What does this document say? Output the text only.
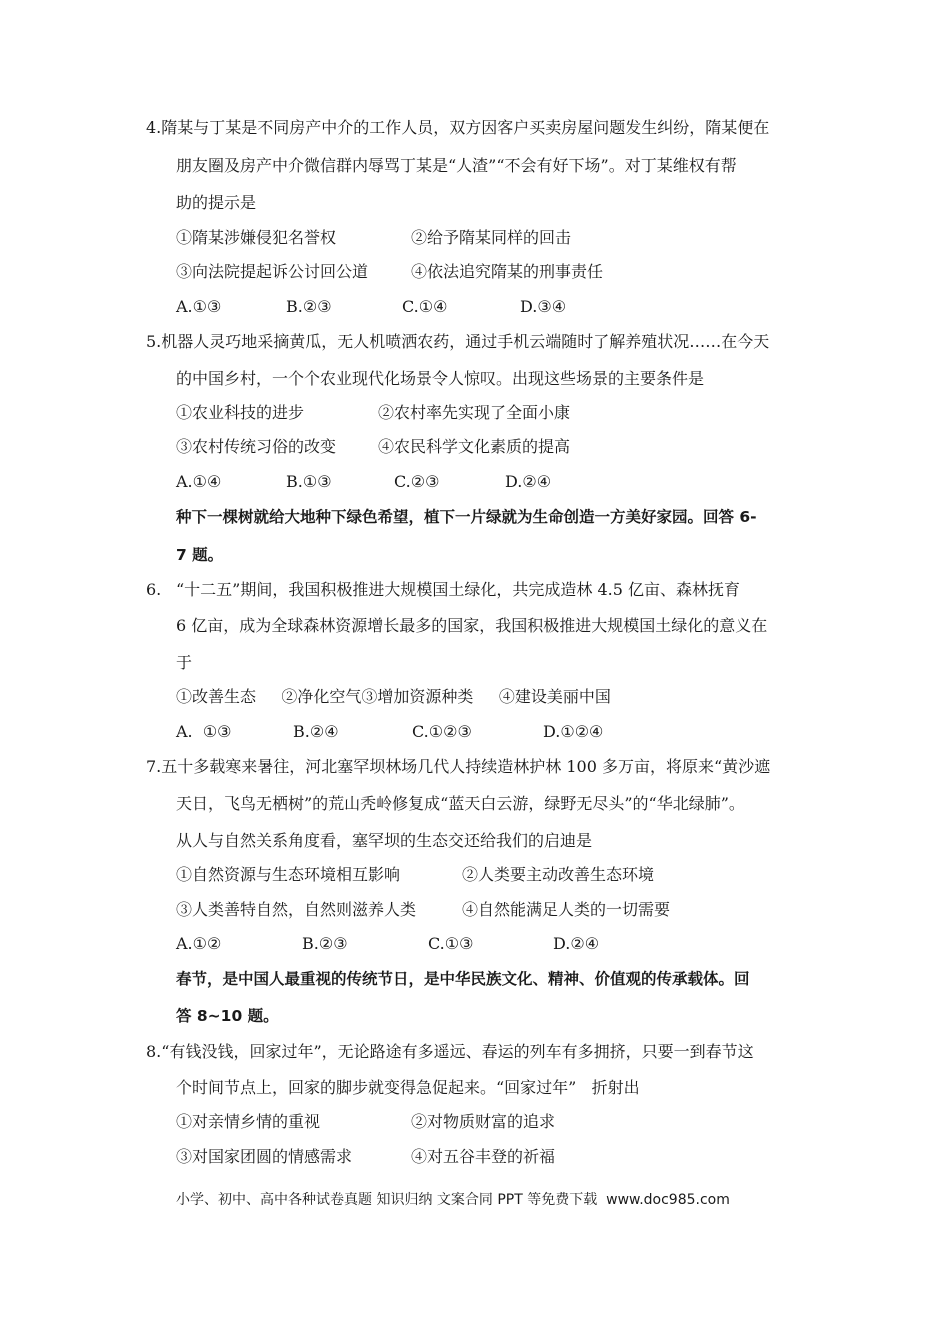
4.隋某与丁某是不同房产中介的工作人员，双方因客户买卖房屋问题发生纠纷，隋某便在
朋友圈及房产中介微信群内辱骂丁某是“人渣”“不会有好下场”。对丁某维权有帮
助的提示是
①隋某涉嫌侵犯名誉权	②给予隋某同样的回击
③向法院提起诉公讨回公道	④依法追究隋某的刑事责任
A.①③	B.②③	C.①④	D.③④
5.机器人灵巧地采摘黄瓜，无人机喷洒农药，通过手机云端随时了解养殖状况……在今天
的中国乡村，一个个农业现代化场景令人惊叹。出现这些场景的主要条件是
①农业科技的进步	②农村率先实现了全面小康
③农村传统习俗的改变	④农民科学文化素质的提高
A.①④	B.①③	C.②③	D.②④
种下一棵树就给大地种下绿色希望，植下一片绿就为生命创造一方美好家园。回答 6-
7 题。
6. “十二五”期间，我国积极推进大规模国土绿化，共完成造林 4.5 亿亩、森林抚育
6 亿亩，成为全球森林资源增长最多的国家，我国积极推进大规模国土绿化的意义在
于
①改善生态     ②净化空气③增加资源种类     ④建设美丽中国
A.  ①③	B.②④	C.①②③	D.①②④
7.五十多载寒来暑往，河北塞罕坝林场几代人持续造林护林 100 多万亩，将原来“黄沙遮
天日，飞鸟无栖树”的荒山秃岭修复成“蓝天白云游，绿野无尽头”的“华北绿肺”。
从人与自然关系角度看，塞罕坝的生态交还给我们的启迪是
①自然资源与生态环境相互影响	②人类要主动改善生态环境
③人类善特自然，自然则滋养人类	④自然能满足人类的一切需要
A.①②	B.②③	C.①③	D.②④
春节，是中国人最重视的传统节日，是中华民族文化、精神、价值观的传承载体。回
答 8~10 题。
8.“有钱没钱，回家过年”，无论路途有多遥远、春运的列车有多拥挤，只要一到春节这
个时间节点上，回家的脚步就变得急促起来。“回家过年”   折射出
①对亲情乡情的重视	②对物质财富的追求
③对国家团圆的情感需求	④对五谷丰登的祈福
小学、初中、高中各种试卷真题 知识归纳 文案合同 PPT 等免费下载  www.doc985.com
